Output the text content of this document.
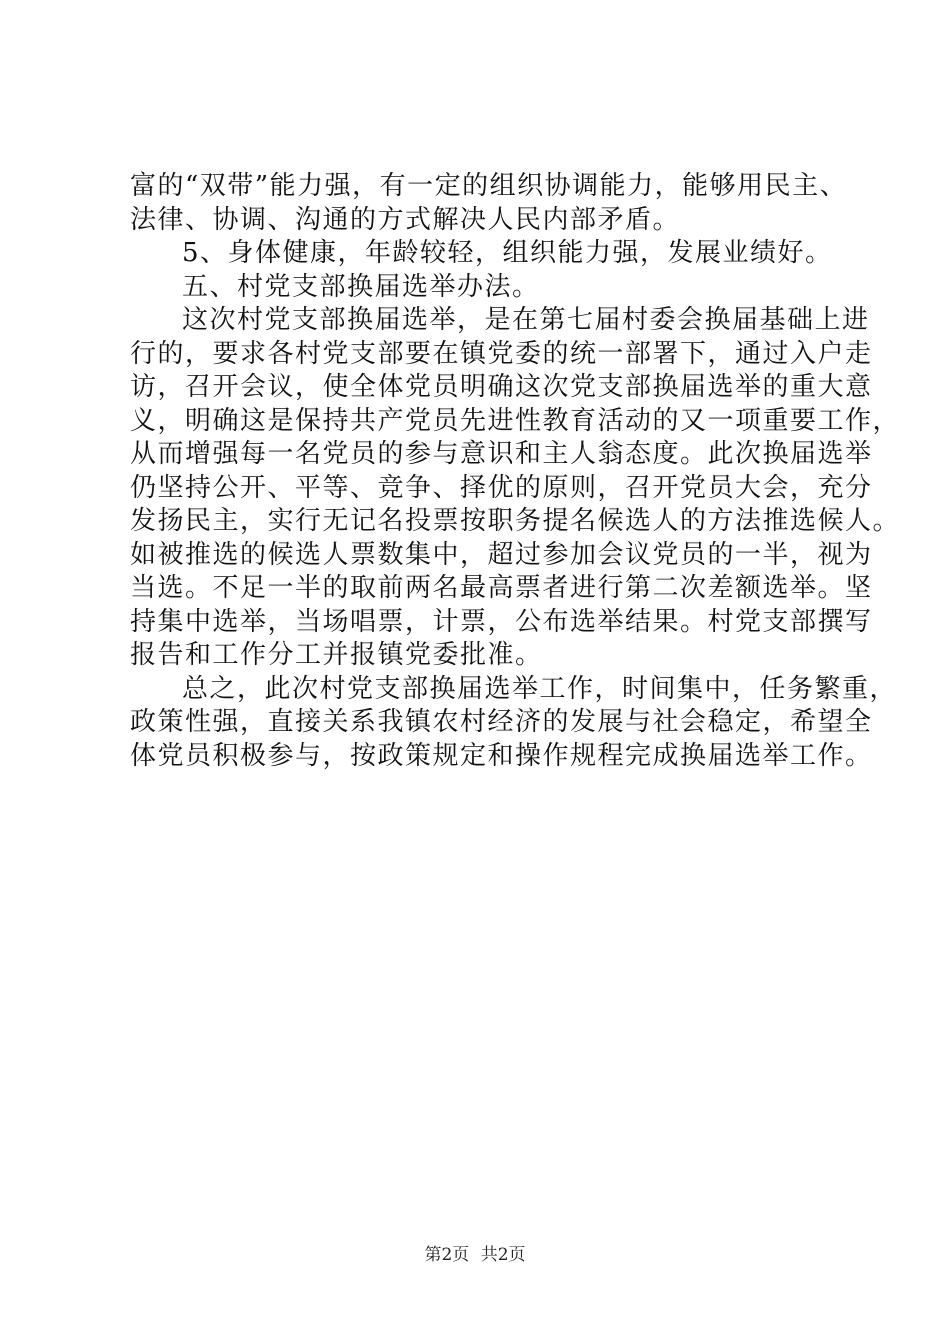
富的“双带”能力强，有一定的组织协调能力，能够用民主、
法律、协调、沟通的方式解决人民内部矛盾。
5、身体健康，年龄较轻，组织能力强，发展业绩好。
五、村党支部换届选举办法。
这次村党支部换届选举，是在第七届村委会换届基础上进
行的，要求各村党支部要在镇党委的统一部署下，通过入户走
访，召开会议，使全体党员明确这次党支部换届选举的重大意
义，明确这是保持共产党员先进性教育活动的又一项重要工作，
从而增强每一名党员的参与意识和主人翁态度。此次换届选举
仍坚持公开、平等、竞争、择优的原则，召开党员大会，充分
发扬民主，实行无记名投票按职务提名候选人的方法推选候人。
如被推选的候选人票数集中，超过参加会议党员的一半，视为
当选。不足一半的取前两名最高票者进行第二次差额选举。坚
持集中选举，当场唱票，计票，公布选举结果。村党支部撰写
报告和工作分工并报镇党委批准。
总之，此次村党支部换届选举工作，时间集中，任务繁重，
政策性强，直接关系我镇农村经济的发展与社会稳定，希望全
体党员积极参与，按政策规定和操作规程完成换届选举工作。
第2页 共2页
